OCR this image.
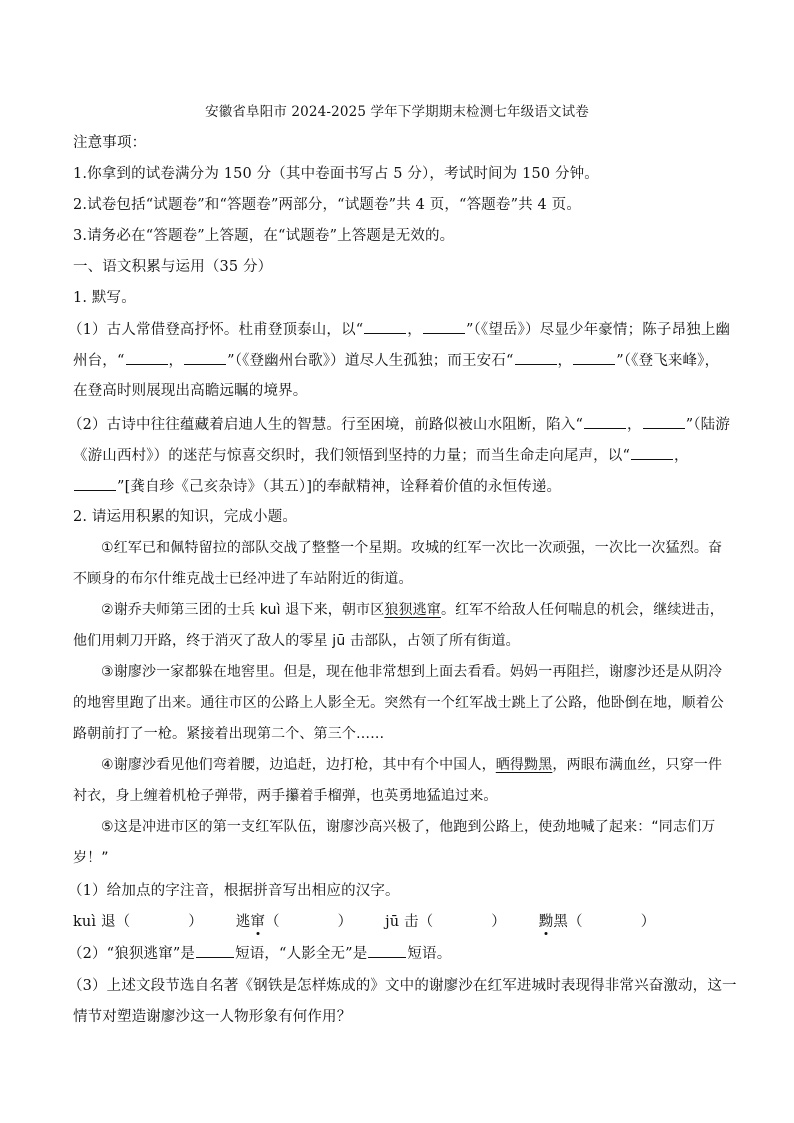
安徽省阜阳市 2024-2025 学年下学期期末检测七年级语文试卷
注意事项：
1.你拿到的试卷满分为 150 分（其中卷面书写占 5 分），考试时间为 150 分钟。
2.试卷包括“试题卷”和“答题卷”两部分，“试题卷”共 4 页，“答题卷”共 4 页。
3.请务必在“答题卷”上答题，在“试题卷”上答题是无效的。
一、语文积累与运用（35 分）
1. 默写。
（1）古人常借登高抒怀。杜甫登顶泰山，以“	，	”（《望岳》）尽显少年豪情；陈子昂独上幽
州台，“	，	”（《登幽州台歌》）道尽人生孤独；而王安石“	，	”（《登飞来峰》，
在登高时则展现出高瞻远瞩的境界。
（2）古诗中往往蕴藏着启迪人生的智慧。行至困境，前路似被山水阻断，陷入“	，	”（陆游
《游山西村》）的迷茫与惊喜交织时，我们领悟到坚持的力量；而当生命走向尾声，以“	，
”[龚自珍《己亥杂诗》（其五）]的奉献精神，诠释着价值的永恒传递。
2. 请运用积累的知识，完成小题。
①红军已和佩特留拉的部队交战了整整一个星期。攻城的红军一次比一次顽强，一次比一次猛烈。奋
不顾身的布尔什维克战士已经冲进了车站附近的街道。
②谢乔夫师第三团的士兵 kuì 退下来，朝市区狼狈逃窜。红军不给敌人任何喘息的机会，继续进击，
他们用刺刀开路，终于消灭了敌人的零星 jū 击部队，占领了所有街道。
③谢廖沙一家都躲在地窖里。但是，现在他非常想到上面去看看。妈妈一再阻拦，谢廖沙还是从阴冷
的地窖里跑了出来。通往市区的公路上人影全无。突然有一个红军战士跳上了公路，他卧倒在地，顺着公
路朝前打了一枪。紧接着出现第二个、第三个……
④谢廖沙看见他们弯着腰，边追赶，边打枪，其中有个中国人，晒得黝黑，两眼布满血丝，只穿一件
衬衣，身上缠着机枪子弹带，两手攥着手榴弹，也英勇地猛追过来。
⑤这是冲进市区的第一支红军队伍，谢廖沙高兴极了，他跑到公路上，使劲地喊了起来：“同志们万
岁！”
（1）给加点的字注音，根据拼音写出相应的汉字。
kuì 退（	） 逃窜（	） jū 击（	） 黝黑（	）
（2）“狼狈逃窜”是	短语，“人影全无”是	短语。
（3）上述文段节选自名著《钢铁是怎样炼成的》文中的谢廖沙在红军进城时表现得非常兴奋激动，这一
情节对塑造谢廖沙这一人物形象有何作用？
